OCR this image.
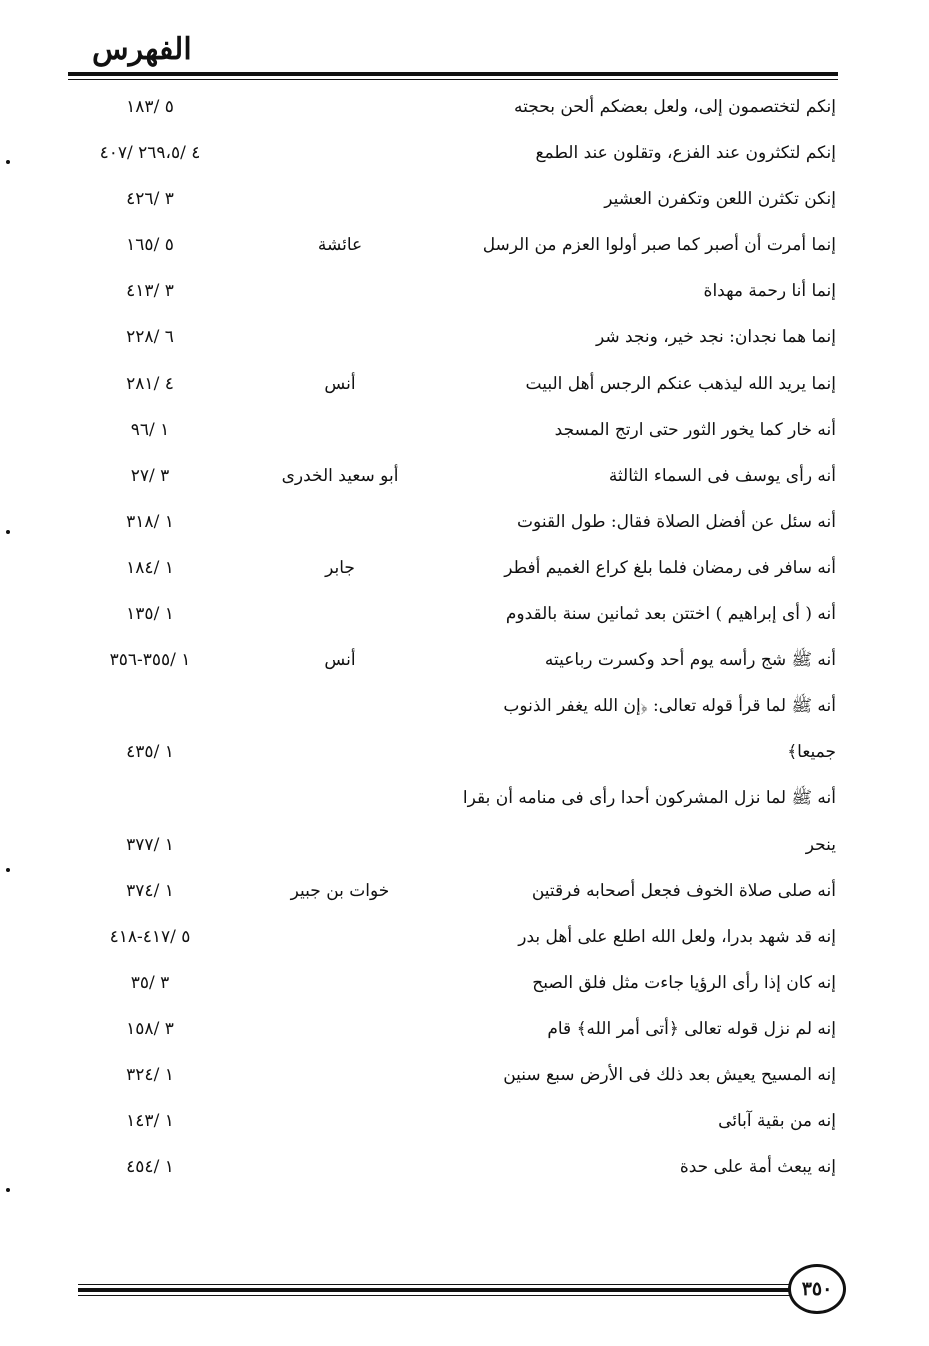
الفهرس
إنكم لتختصمون إلى، ولعل بعضكم ألحن بحجته
٥ /١٨٣
إنكم لتكثرون عند الفزع، وتقلون عند الطمع
٤ /٢٦٩،٥ /٤٠٧
إنكن تكثرن اللعن وتكفرن العشير
٣ /٤٢٦
إنما أمرت أن أصبر كما صبر أولوا العزم من الرسل
عائشة
٥ /١٦٥
إنما أنا رحمة مهداة
٣ /٤١٣
إنما هما نجدان: نجد خير، ونجد شر
٦ /٢٢٨
إنما يريد الله ليذهب عنكم الرجس أهل البيت
أنس
٤ /٢٨١
أنه خار كما يخور الثور حتى ارتج المسجد
١ /٩٦
أنه رأى يوسف فى السماء الثالثة
أبو سعيد الخدرى
٣ /٢٧
أنه سئل عن أفضل الصلاة فقال: طول القنوت
١ /٣١٨
أنه سافر فى رمضان فلما بلغ كراع الغميم أفطر
جابر
١ /١٨٤
أنه ( أى إبراهيم ) اختتن بعد ثمانين سنة بالقدوم
١ /١٣٥
أنه ﷺ شج رأسه يوم أحد وكسرت رباعيته
أنس
١ /٣٥٥-٣٥٦
أنه ﷺ لما قرأ قوله تعالى: ﴿إن الله يغفر الذنوب
جميعا﴾
١ /٤٣٥
أنه ﷺ لما نزل المشركون أحدا رأى فى منامه أن بقرا
ينحر
١ /٣٧٧
أنه صلى صلاة الخوف فجعل أصحابه فرقتين
خوات بن جبير
١ /٣٧٤
إنه قد شهد بدرا، ولعل الله اطلع على أهل بدر
٥ /٤١٧-٤١٨
إنه كان إذا رأى الرؤيا جاءت مثل فلق الصبح
٣ /٣٥
إنه لم نزل قوله تعالى ﴿أتى أمر الله﴾ قام
٣ /١٥٨
إنه المسيح يعيش بعد ذلك فى الأرض سبع سنين
١ /٣٢٤
إنه من بقية آبائى
١ /١٤٣
إنه يبعث أمة على حدة
١ /٤٥٤
٣٥٠
